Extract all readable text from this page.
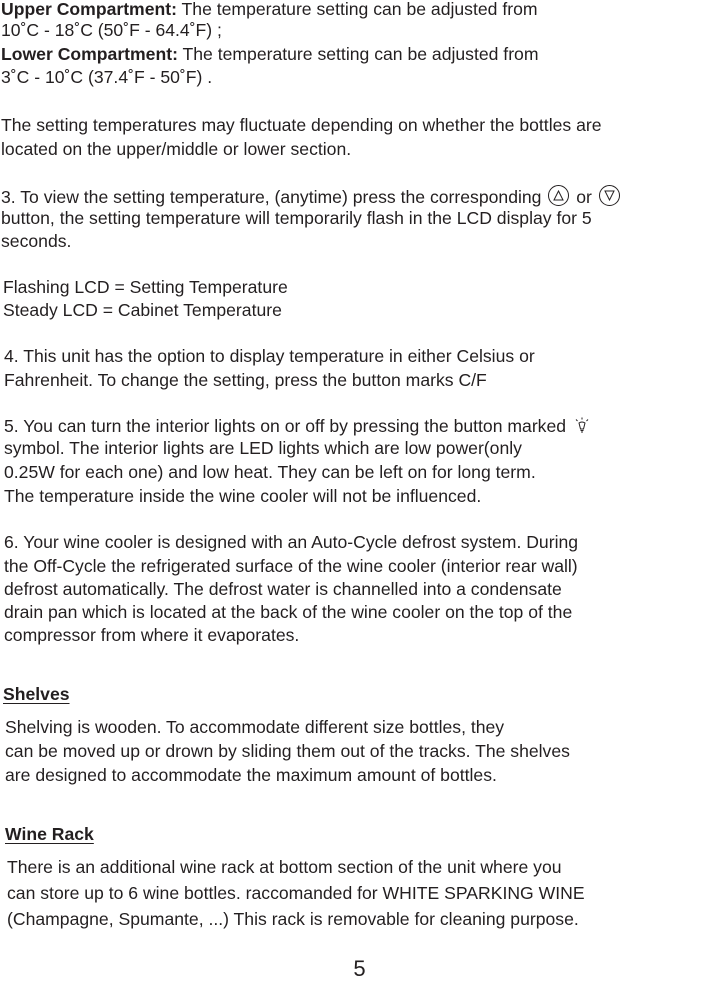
Upper Compartment: The temperature setting can be adjusted from
10˚C - 18˚C (50˚F - 64.4˚F) ;
Lower Compartment: The temperature setting can be adjusted from
3˚C - 10˚C (37.4˚F - 50˚F) .
The setting temperatures may fluctuate depending on whether the bottles are
located on the upper/middle or lower section.
3. To view the setting temperature, (anytime) press the corresponding or
button, the setting temperature will temporarily flash in the LCD display for 5
seconds.
Flashing LCD = Setting Temperature
Steady LCD = Cabinet Temperature
4. This unit has the option to display temperature in either Celsius or
Fahrenheit. To change the setting, press the button marks C/F
5. You can turn the interior lights on or off by pressing the button marked
symbol. The interior lights are LED lights which are low power(only
0.25W for each one) and low heat. They can be left on for long term.
The temperature inside the wine cooler will not be influenced.
6. Your wine cooler is designed with an Auto-Cycle defrost system. During
the Off-Cycle the refrigerated surface of the wine cooler (interior rear wall)
defrost automatically. The defrost water is channelled into a condensate
drain pan which is located at the back of the wine cooler on the top of the
compressor from where it evaporates.
Shelves
Shelving is wooden. To accommodate different size bottles, they
can be moved up or drown by sliding them out of the tracks. The shelves
are designed to accommodate the maximum amount of bottles.
Wine Rack
There is an additional wine rack at bottom section of the unit where you
can store up to 6 wine bottles. raccomanded for WHITE SPARKING WINE
(Champagne, Spumante, ...) This rack is removable for cleaning purpose.
5
